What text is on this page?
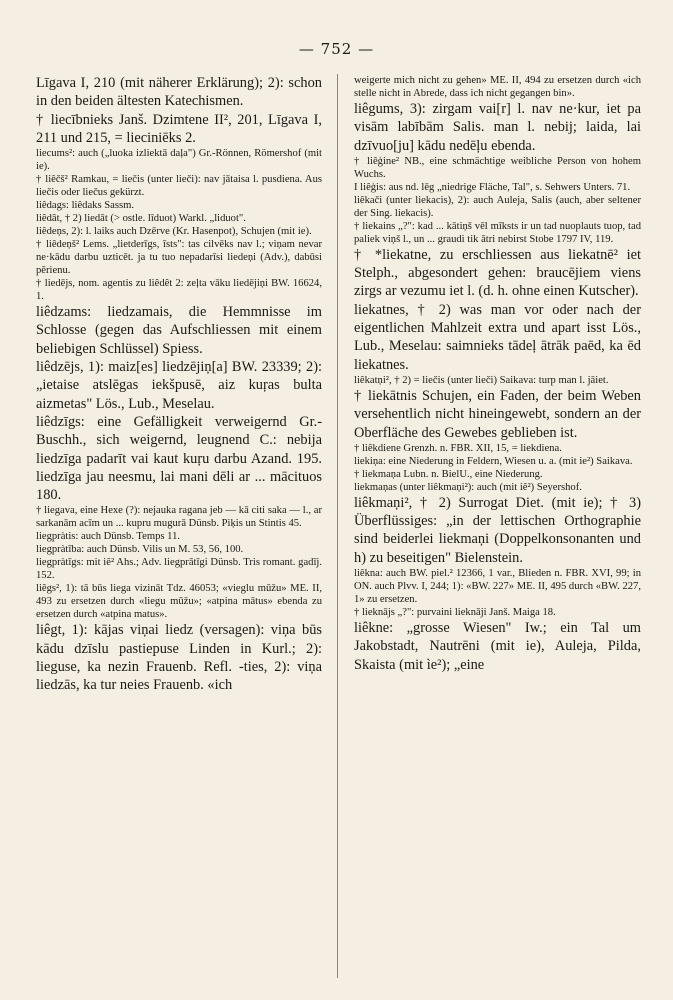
— 752 —

Līgava I, 210 (mit näherer Erklärung); 2): schon in den beiden ältesten Katechismen.

† liecībnieks Janš. Dzimtene II², 201, Līgava I, 211 und 215, = lieciniēks 2.

liecums²: auch („luoka izliektā daļa") Gr.-Rönnen, Römershof (mit ie).

† liêčš² Ramkau, = liečis (unter lieči): nav jātaisa l. pusdiena. Aus liečis oder liečus gekürzt.

liêdags: liêdaks Sassm.

liêdât, † 2) liedāt (> ostle. līduot) Warkl. „liduot".

liêdeņs, 2): l. laiks auch Dzērve (Kr. Hasenpot), Schujen (mit ie).

† liêdeņš² Lems. „lietderīgs, īsts": tas cilvēks nav l.; viņam nevar ne·kādu darbu uzticēt. ja tu tuo nepadarīsi liedeņi (Adv.), dabūsi pērienu.

† liedējs, nom. agentis zu liêdêt 2: zeļta vāku liedējiņi BW. 16624, 1.

liêdzams: liedzamais, die Hemmnisse im Schlosse (gegen das Aufschliessen mit einem beliebigen Schlüssel) Spiess.

liêdzējs, 1): maiz[es] liedzējiņ[a] BW. 23339; 2): „ietaise atslēgas iekšpusē, aiz kuŗas bulta aizmetas" Lös., Lub., Meselau.

liêdzīgs: eine Gefälligkeit verweigernd Gr.-Buschh., sich weigernd, leugnend C.: nebija liedzīga padarīt vai kaut kuŗu darbu Azand. 195. liedzīga jau neesmu, lai mani dēli ar ... mācituos 180.

† liegava, eine Hexe (?): nejauka ragana jeb — kā citi saka — l., ar sarkanām acīm un ... kupru mugurā Dünsb. Piķis un Stintis 45.

liegpràtis: auch Dünsb. Temps 11.

liegpràtība: auch Dünsb. Vilis un M. 53, 56, 100.

liegpràtīgs: mit iê² Ahs.; Adv. liegprātīgi Dünsb. Tris romant. gadīj. 152.

liêgs², 1): tā būs liega vizināt Tdz. 46053; «vieglu mūžu» ME. II, 493 zu ersetzen durch «liegu mūžu»; «atpina mātus» ebenda zu ersetzen durch «atpina matus».

liêgt, 1): kājas viņai liedz (versagen): viņa būs kādu dzīslu pastiepuse Linden in Kurl.; 2): lieguse, ka nezin Frauenb. Refl. -ties, 2): viņa liedzās, ka tur neies Frauenb. «ich

weigerte mich nicht zu gehen» ME. II, 494 zu ersetzen durch «ich stelle nicht in Abrede, dass ich nicht gegangen bin».

liêgums, 3): zirgam vai[r] l. nav ne·kur, iet pa visām labībām Salis. man l. nebij; laida, lai dzīvuo[ju] kādu nedēļu ebenda.

† liêģine² NB., eine schmächtige weibliche Person von hohem Wuchs.

I liêģis: aus nd. lēg „niedrige Fläche, Tal", s. Sehwers Unters. 71.

liêkači (unter liekacis), 2): auch Auleja, Salis (auch, aber seltener der Sing. liekacis).

† liekains „?": kad ... kātiņš vēl mīksts ir un tad nuoplauts tuop, tad paliek viņš l., un ... graudi tik ātri nebirst Stobe 1797 IV, 119.

† *liekatne, zu erschliessen aus liekatnē² iet Stelph., abgesondert gehen: braucējiem viens zirgs ar vezumu iet l. (d. h. ohne einen Kutscher).

liekatnes, † 2) was man vor oder nach der eigentlichen Mahlzeit extra und apart isst Lös., Lub., Meselau: saimnieks tādeļ ātrāk paēd, ka ēd liekatnes.

liêkatņi², † 2) = liečis (unter lieči) Saikava: turp man l. jāiet.

† liekātnis Schujen, ein Faden, der beim Weben versehentlich nicht hineingewebt, sondern an der Oberfläche des Gewebes geblieben ist.

† liêkdiene Grenzh. n. FBR. XII, 15, = liekdiena.

liekiņa: eine Niederung in Feldern, Wiesen u. a. (mit ie²) Saikava.

† liekmaņa Lubn. n. BielU., eine Niederung.

liekmaņas (unter liêkmaņi²): auch (mit iê²) Seyershof.

liêkmaņi², † 2) Surrogat Diet. (mit ie); † 3) Überflüssiges: „in der lettischen Orthographie sind beiderlei liekmaņi (Doppelkonsonanten und h) zu beseitigen" Bielenstein.

liêkna: auch BW. piel.² 12366, 1 var., Blieden n. FBR. XVI, 99; in ON. auch Plvv. I, 244; 1): «BW. 227» ME. II, 495 durch «BW. 227, 1» zu ersetzen.

† lieknājs „?": purvaini lieknāji Janš. Maiga 18.

liêkne: „grosse Wiesen" Iw.; ein Tal um Jakobstadt, Nautrēni (mit ie), Auleja, Pilda, Skaista (mit ìe²); „eine
